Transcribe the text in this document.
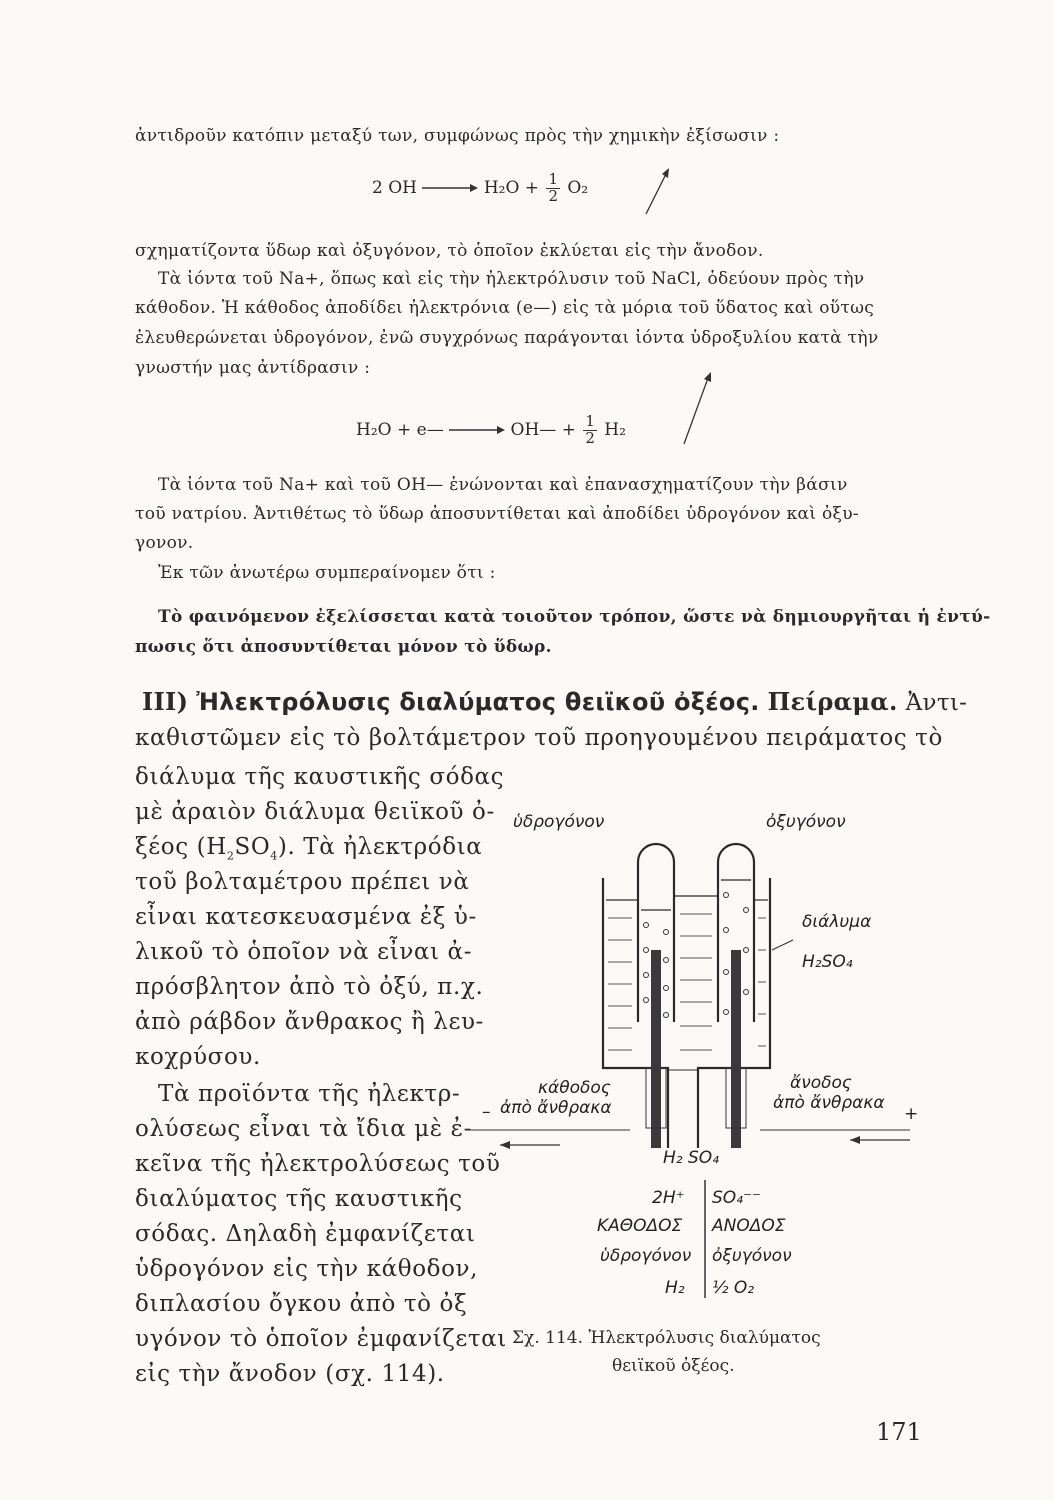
ἀντιδροῦν κατόπιν μεταξύ των, συμφώνως πρὸς τὴν χημικὴν ἐξίσωσιν :
2 OH → $H_2O + \frac{1}{2} O_2$
σχηματίζοντα ὕδωρ καὶ ὀξυγόνον, τὸ ὁποῖον ἐκλύεται εἰς τὴν ἄνοδον.
Τὰ ἰόντα τοῦ Na+, ὅπως καὶ εἰς τὴν ἠλεκτρόλυσιν τοῦ NaCl, ὁδεύουν πρὸς τὴν
κάθοδον. Ἡ κάθοδος ἀποδίδει ἠλεκτρόνια (e—) εἰς τὰ μόρια τοῦ ὕδατος καὶ οὕτως
ἐλευθερώνεται ὑδρογόνον, ἐνῶ συγχρόνως παράγονται ἰόντα ὑδροξυλίου κατὰ τὴν
γνωστήν μας ἀντίδρασιν :
H₂O + e— → OH— + $\frac{1}{2} H_2$
Τὰ ἰόντα τοῦ Na+ καὶ τοῦ OH— ἑνώνονται καὶ ἐπανασχηματίζουν τὴν βάσιν
τοῦ νατρίου. Ἀντιθέτως τὸ ὕδωρ ἀποσυντίθεται καὶ ἀποδίδει ὑδρογόνον καὶ ὀξυ-
γονον.
Ἐκ τῶν ἀνωτέρω συμπεραίνομεν ὅτι :
Τὸ φαινόμενον ἐξελίσσεται κατὰ τοιοῦτον τρόπον, ὥστε νὰ δημιουργῆται ἡ ἐντύ-
πωσις ὅτι ἀποσυντίθεται μόνον τὸ ὕδωρ.
III) Ἠλεκτρόλυσις διαλύματος θειϊκοῦ ὀξέος. Πείραμα. Ἀντι-
καθιστῶμεν εἰς τὸ βολτάμετρον τοῦ προηγουμένου πειράματος τὸ
διάλυμα τῆς καυστικῆς σόδας
μὲ ἀραιὸν διάλυμα θειϊκοῦ ὀ-
ξέος $(H_2SO_4)$. Τὰ ἠλεκτρόδια
τοῦ βολταμέτρου πρέπει νὰ
εἶναι κατεσκευασμένα ἐξ ὑ-
λικοῦ τὸ ὁποῖον νὰ εἶναι ἀ-
πρόσβλητον ἀπὸ τὸ ὀξύ, π.χ.
ἀπὸ ράβδον ἄνθρακος ἢ λευ-
κοχρύσου.
Τὰ προϊόντα τῆς ἠλεκτρ-
ολύσεως εἶναι τὰ ἴδια μὲ ἐ-
κεῖνα τῆς ἠλεκτρολύσεως τοῦ
διαλύματος τῆς καυστικῆς
σόδας. Δηλαδὴ ἐμφανίζεται
ὑδρογόνον εἰς τὴν κάθοδον,
διπλασίου ὄγκου ἀπὸ τὸ ὀξ
υγόνον τὸ ὁποῖον ἐμφανίζεται
εἰς τὴν ἄνοδον (σχ. 114).
ὑδρογόνον	ὀξυγόνον
διάλυμα
H₂SO₄
κάθοδος
ἀπὸ ἄνθρακα
ἄνοδος
ἀπὸ ἄνθρακα
–	+
H₂ SO₄
2H⁺ SO₄⁻⁻
ΚΑΘΟΔΟΣ ΑΝΟΔΟΣ
ὑδρογόνον ὀξυγόνον
H₂ ½ O₂
Σχ. 114. Ἠλεκτρόλυσις διαλύματος
θειϊκοῦ ὀξέος.
171
